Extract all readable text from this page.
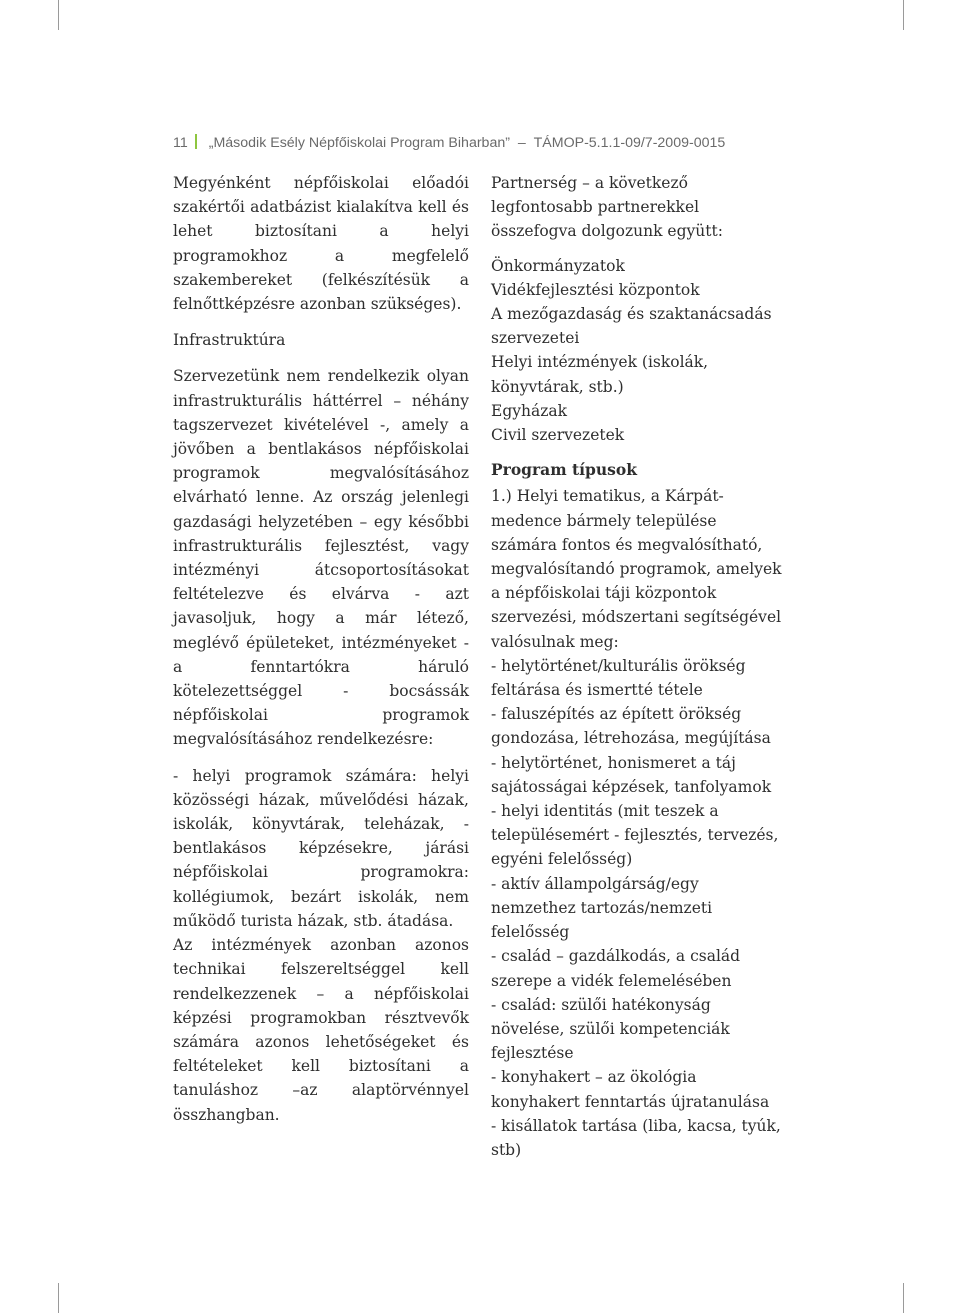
11 „Második Esély Népfőiskolai Program Biharban” – TÁMOP-5.1.1-09/7-2009-0015

Megyénként népfőiskolai előadói szakértői adatbázist kialakítva kell és lehet biztosítani a helyi programokhoz a megfelelő szakembereket (felkészítésük a felnőttképzésre azonban szükséges).

Infrastruktúra

Szervezetünk nem rendelkezik olyan infrastrukturális háttérrel – néhány tagszervezet kivételével -, amely a jövőben a bentlakásos népfőiskolai programok megvalósításához elvárható lenne. Az ország jelenlegi gazdasági helyzetében – egy későbbi infrastrukturális fejlesztést, vagy intézményi átcsoportosításokat feltételezve és elvárva - azt javasoljuk, hogy a már létező, meglévő épületeket, intézményeket - a fenntartókra háruló kötelezettséggel - bocsássák népfőiskolai programok megvalósításához rendelkezésre:

- helyi programok számára: helyi közösségi házak, művelődési házak, iskolák, könyvtárak, teleházak, - bentlakásos képzésekre, járási népfőiskolai programokra: kollégiumok, bezárt iskolák, nem működő turista házak, stb. átadása.

Az intézmények azonban azonos technikai felszereltséggel kell rendelkezzenek – a népfőiskolai képzési programokban résztvevők számára azonos lehetőségeket és feltételeket kell biztosítani a tanuláshoz –az alaptörvénnyel összhangban.

Partnerség – a következő legfontosabb partnerekkel összefogva dolgozunk együtt:

Önkormányzatok

Vidékfejlesztési központok

A mezőgazdaság és szaktanácsadás szervezetei

Helyi intézmények (iskolák, könyvtárak, stb.)

Egyházak

Civil szervezetek

Program típusok

1.) Helyi tematikus, a Kárpát-medence bármely települése számára fontos és megvalósítható, megvalósítandó programok, amelyek a népfőiskolai táji központok szervezési, módszertani segítségével valósulnak meg:

- helytörténet/kulturális örökség feltárása és ismertté tétele

- faluszépítés az épített örökség gondozása, létrehozása, megújítása

- helytörténet, honismeret a táj sajátosságai képzések, tanfolyamok

- helyi identitás (mit teszek a településemért - fejlesztés, tervezés, egyéni felelősség)

- aktív állampolgárság/egy nemzethez tartozás/nemzeti felelősség

- család – gazdálkodás, a család szerepe a vidék felemelésében

- család: szülői hatékonyság növelése, szülői kompetenciák fejlesztése

- konyhakert – az ökológia konyhakert fenntartás újratanulása

- kisállatok tartása (liba, kacsa, tyúk, stb)
